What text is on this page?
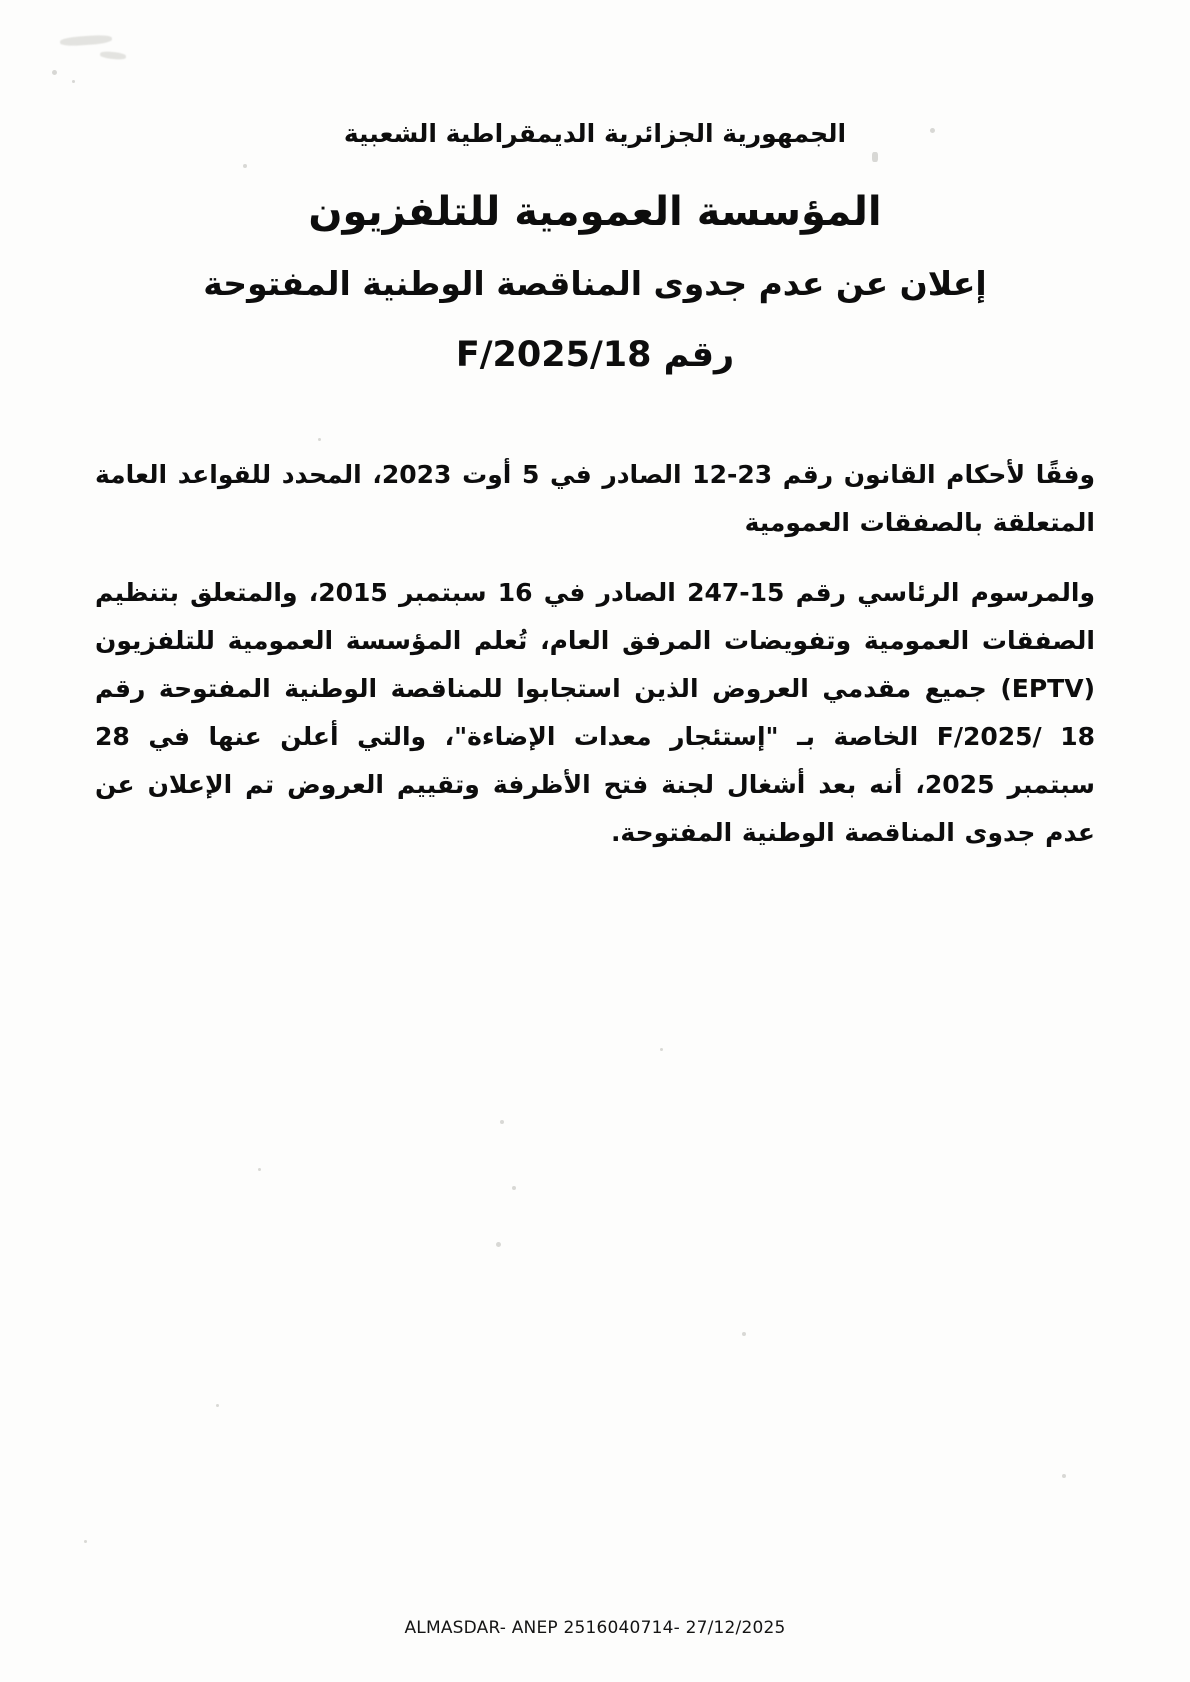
الجمهورية الجزائرية الديمقراطية الشعبية
المؤسسة العمومية للتلفزيون
إعلان عن عدم جدوى المناقصة الوطنية المفتوحة
رقم 18/F/2025

وفقًا لأحكام القانون رقم 23-12 الصادر في 5 أوت 2023، المحدد للقواعد العامة المتعلقة بالصفقات العمومية

والمرسوم الرئاسي رقم 15-247 الصادر في 16 سبتمبر 2015، والمتعلق بتنظيم الصفقات العمومية وتفويضات المرفق العام، تُعلم المؤسسة العمومية للتلفزيون (EPTV) جميع مقدمي العروض الذين استجابوا للمناقصة الوطنية المفتوحة رقم 18 /F/2025 الخاصة بـ "إستئجار معدات الإضاءة"، والتي أعلن عنها في 28 سبتمبر 2025، أنه بعد أشغال لجنة فتح الأظرفة وتقييم العروض تم الإعلان عن عدم جدوى المناقصة الوطنية المفتوحة.

ALMASDAR- ANEP 2516040714- 27/12/2025
